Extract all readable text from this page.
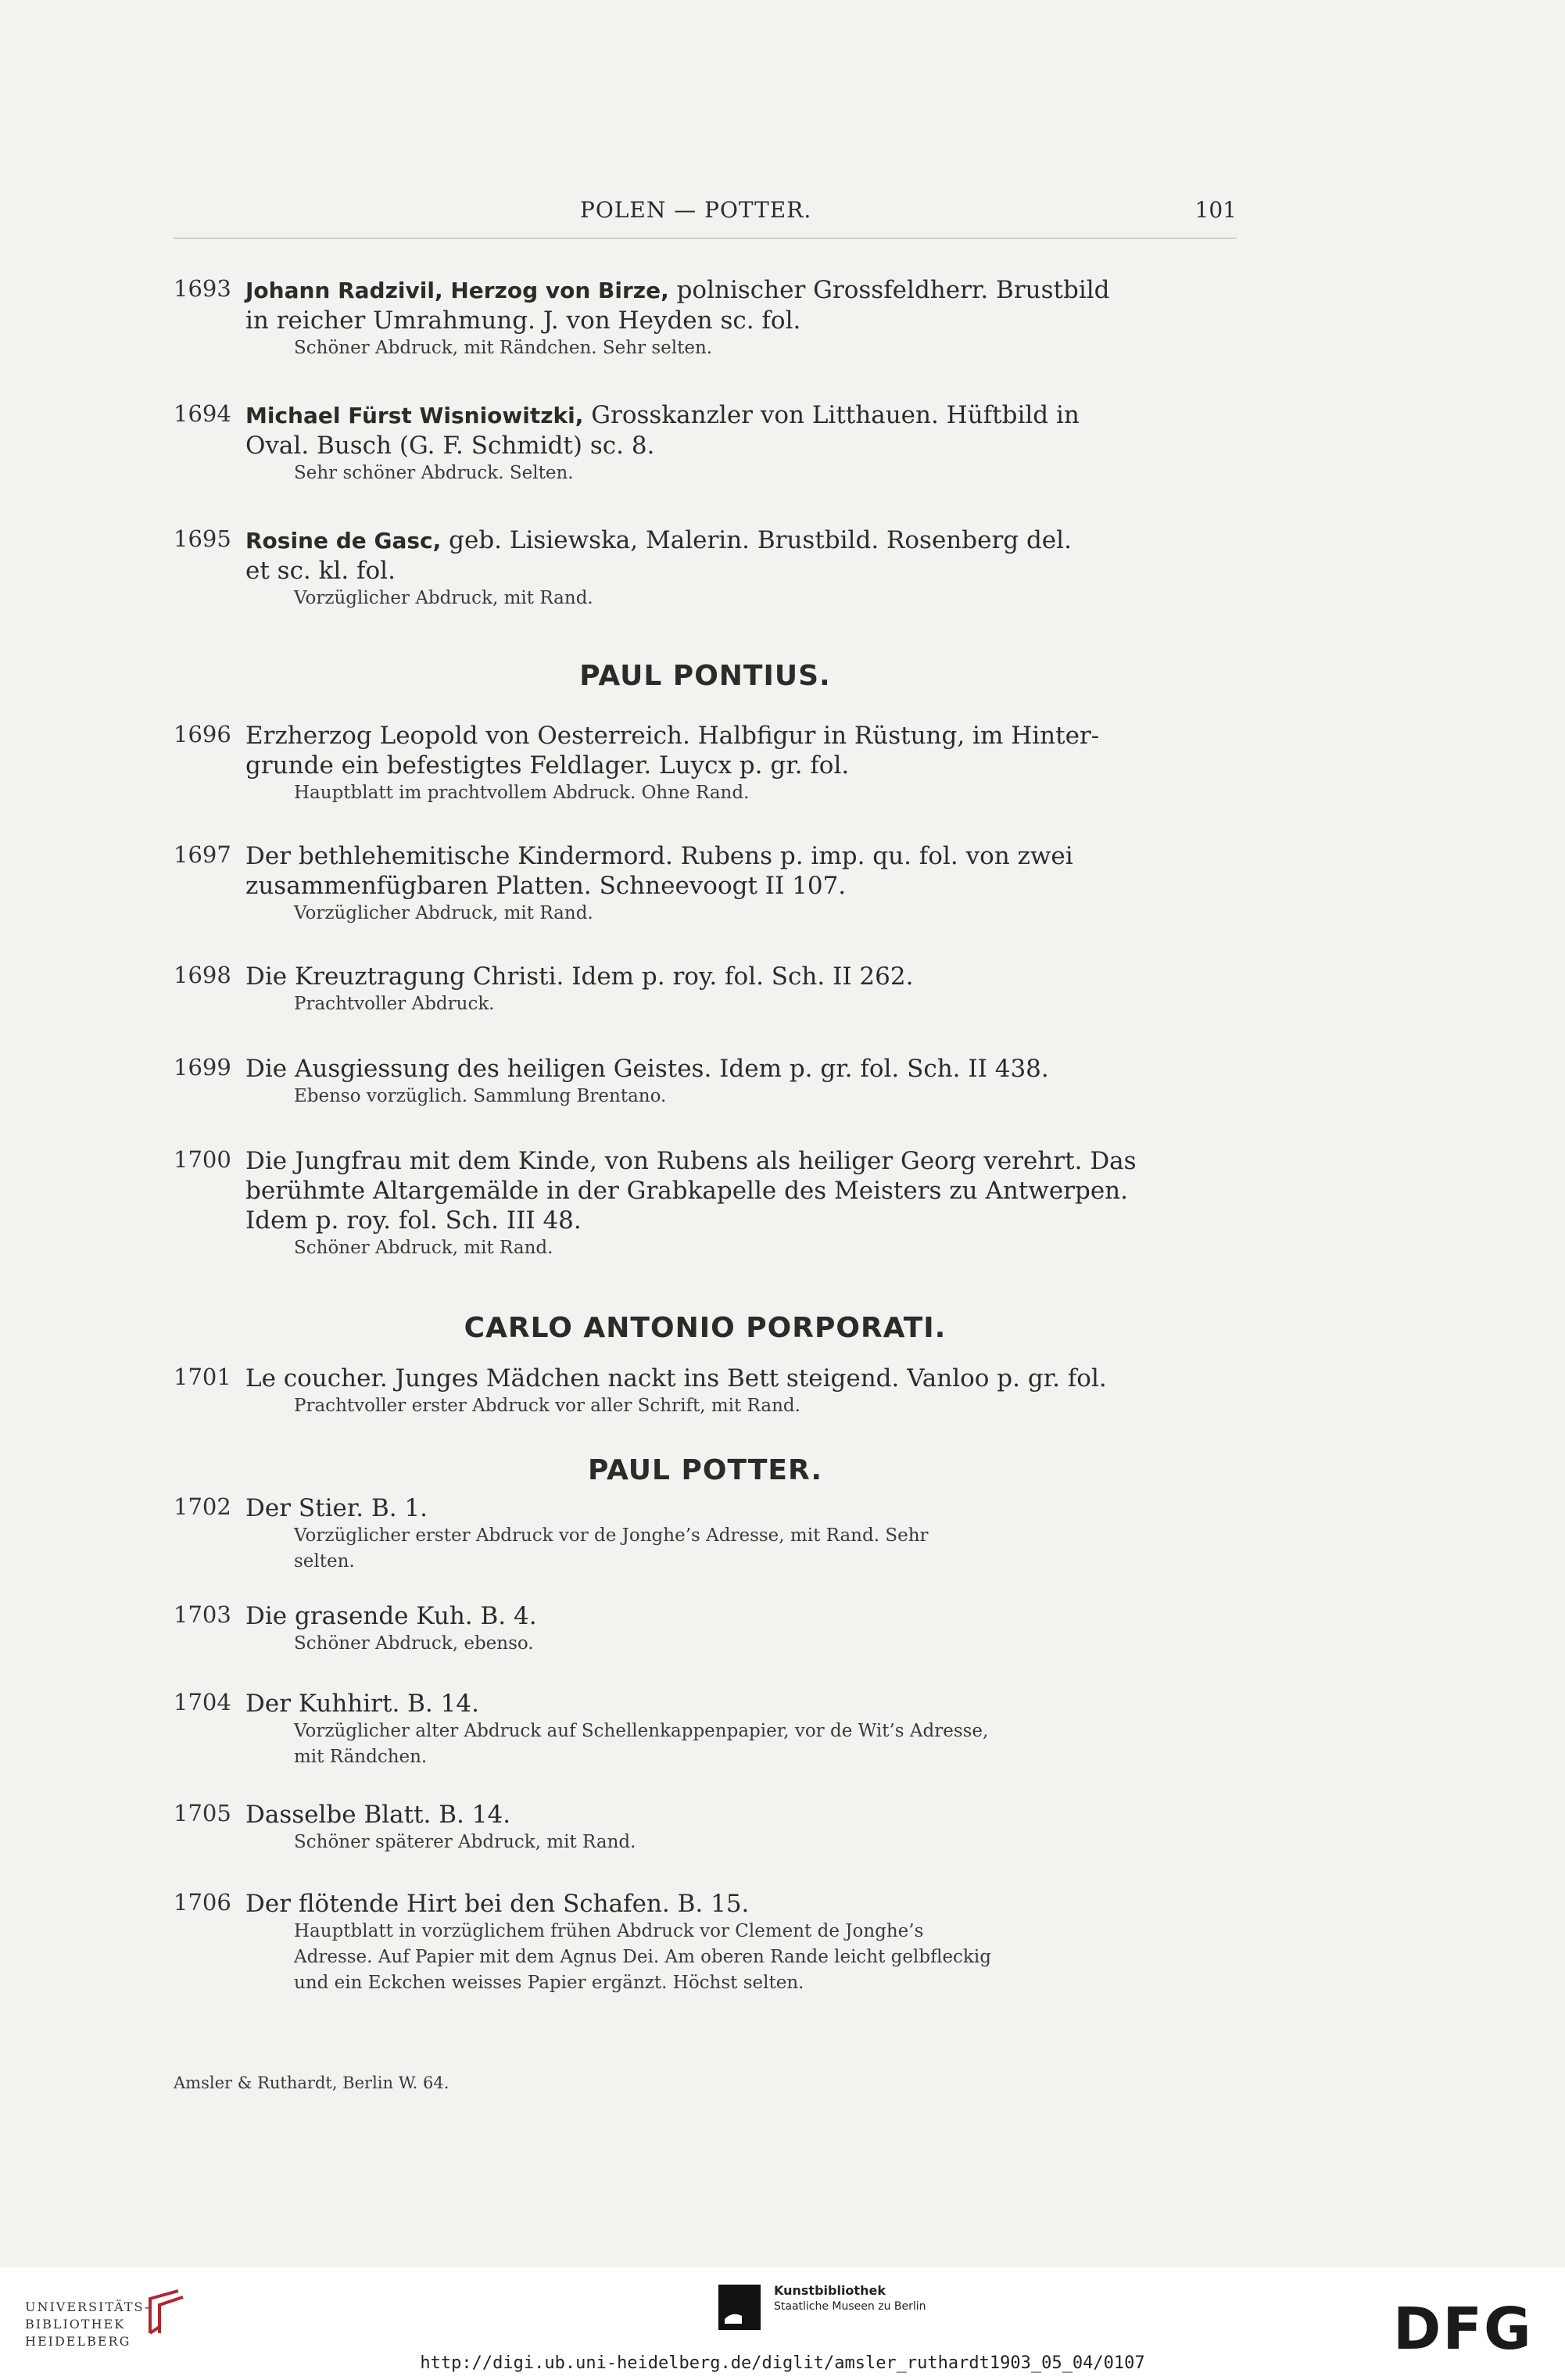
POLEN — POTTER.	101
1693 Johann Radzivil, Herzog von Birze, polnischer Grossfeldherr. Brustbild
in reicher Umrahmung. J. von Heyden sc. fol.
Schöner Abdruck, mit Rändchen. Sehr selten.
1694 Michael Fürst Wisniowitzki, Grosskanzler von Litthauen. Hüftbild in
Oval. Busch (G. F. Schmidt) sc. 8.
Sehr schöner Abdruck. Selten.
1695 Rosine de Gasc, geb. Lisiewska, Malerin. Brustbild. Rosenberg del.
et sc. kl. fol.
Vorzüglicher Abdruck, mit Rand.
PAUL PONTIUS.
1696 Erzherzog Leopold von Oesterreich. Halbfigur in Rüstung, im Hinter-
grunde ein befestigtes Feldlager. Luycx p. gr. fol.
Hauptblatt im prachtvollem Abdruck. Ohne Rand.
1697 Der bethlehemitische Kindermord. Rubens p. imp. qu. fol. von zwei
zusammenfügbaren Platten. Schneevoogt II 107.
Vorzüglicher Abdruck, mit Rand.
1698 Die Kreuztragung Christi. Idem p. roy. fol. Sch. II 262.
Prachtvoller Abdruck.
1699 Die Ausgiessung des heiligen Geistes. Idem p. gr. fol. Sch. II 438.
Ebenso vorzüglich. Sammlung Brentano.
1700 Die Jungfrau mit dem Kinde, von Rubens als heiliger Georg verehrt. Das
berühmte Altargemälde in der Grabkapelle des Meisters zu Antwerpen.
Idem p. roy. fol. Sch. III 48.
Schöner Abdruck, mit Rand.
CARLO ANTONIO PORPORATI.
1701 Le coucher. Junges Mädchen nackt ins Bett steigend. Vanloo p. gr. fol.
Prachtvoller erster Abdruck vor aller Schrift, mit Rand.
PAUL POTTER.
1702 Der Stier. B. 1.
Vorzüglicher erster Abdruck vor de Jonghe’s Adresse, mit Rand. Sehr
selten.
1703 Die grasende Kuh. B. 4.
Schöner Abdruck, ebenso.
1704 Der Kuhhirt. B. 14.
Vorzüglicher alter Abdruck auf Schellenkappenpapier, vor de Wit’s Adresse,
mit Rändchen.
1705 Dasselbe Blatt. B. 14.
Schöner späterer Abdruck, mit Rand.
1706 Der flötende Hirt bei den Schafen. B. 15.
Hauptblatt in vorzüglichem frühen Abdruck vor Clement de Jonghe’s
Adresse. Auf Papier mit dem Agnus Dei. Am oberen Rande leicht gelbfleckig
und ein Eckchen weisses Papier ergänzt. Höchst selten.
Amsler & Ruthardt, Berlin W. 64.
UNIVERSITÄTS-
BIBLIOTHEK
HEIDELBERG
Kunstbibliothek
Staatliche Museen zu Berlin	DFG
http://digi.ub.uni-heidelberg.de/diglit/amsler_ruthardt1903_05_04/0107
